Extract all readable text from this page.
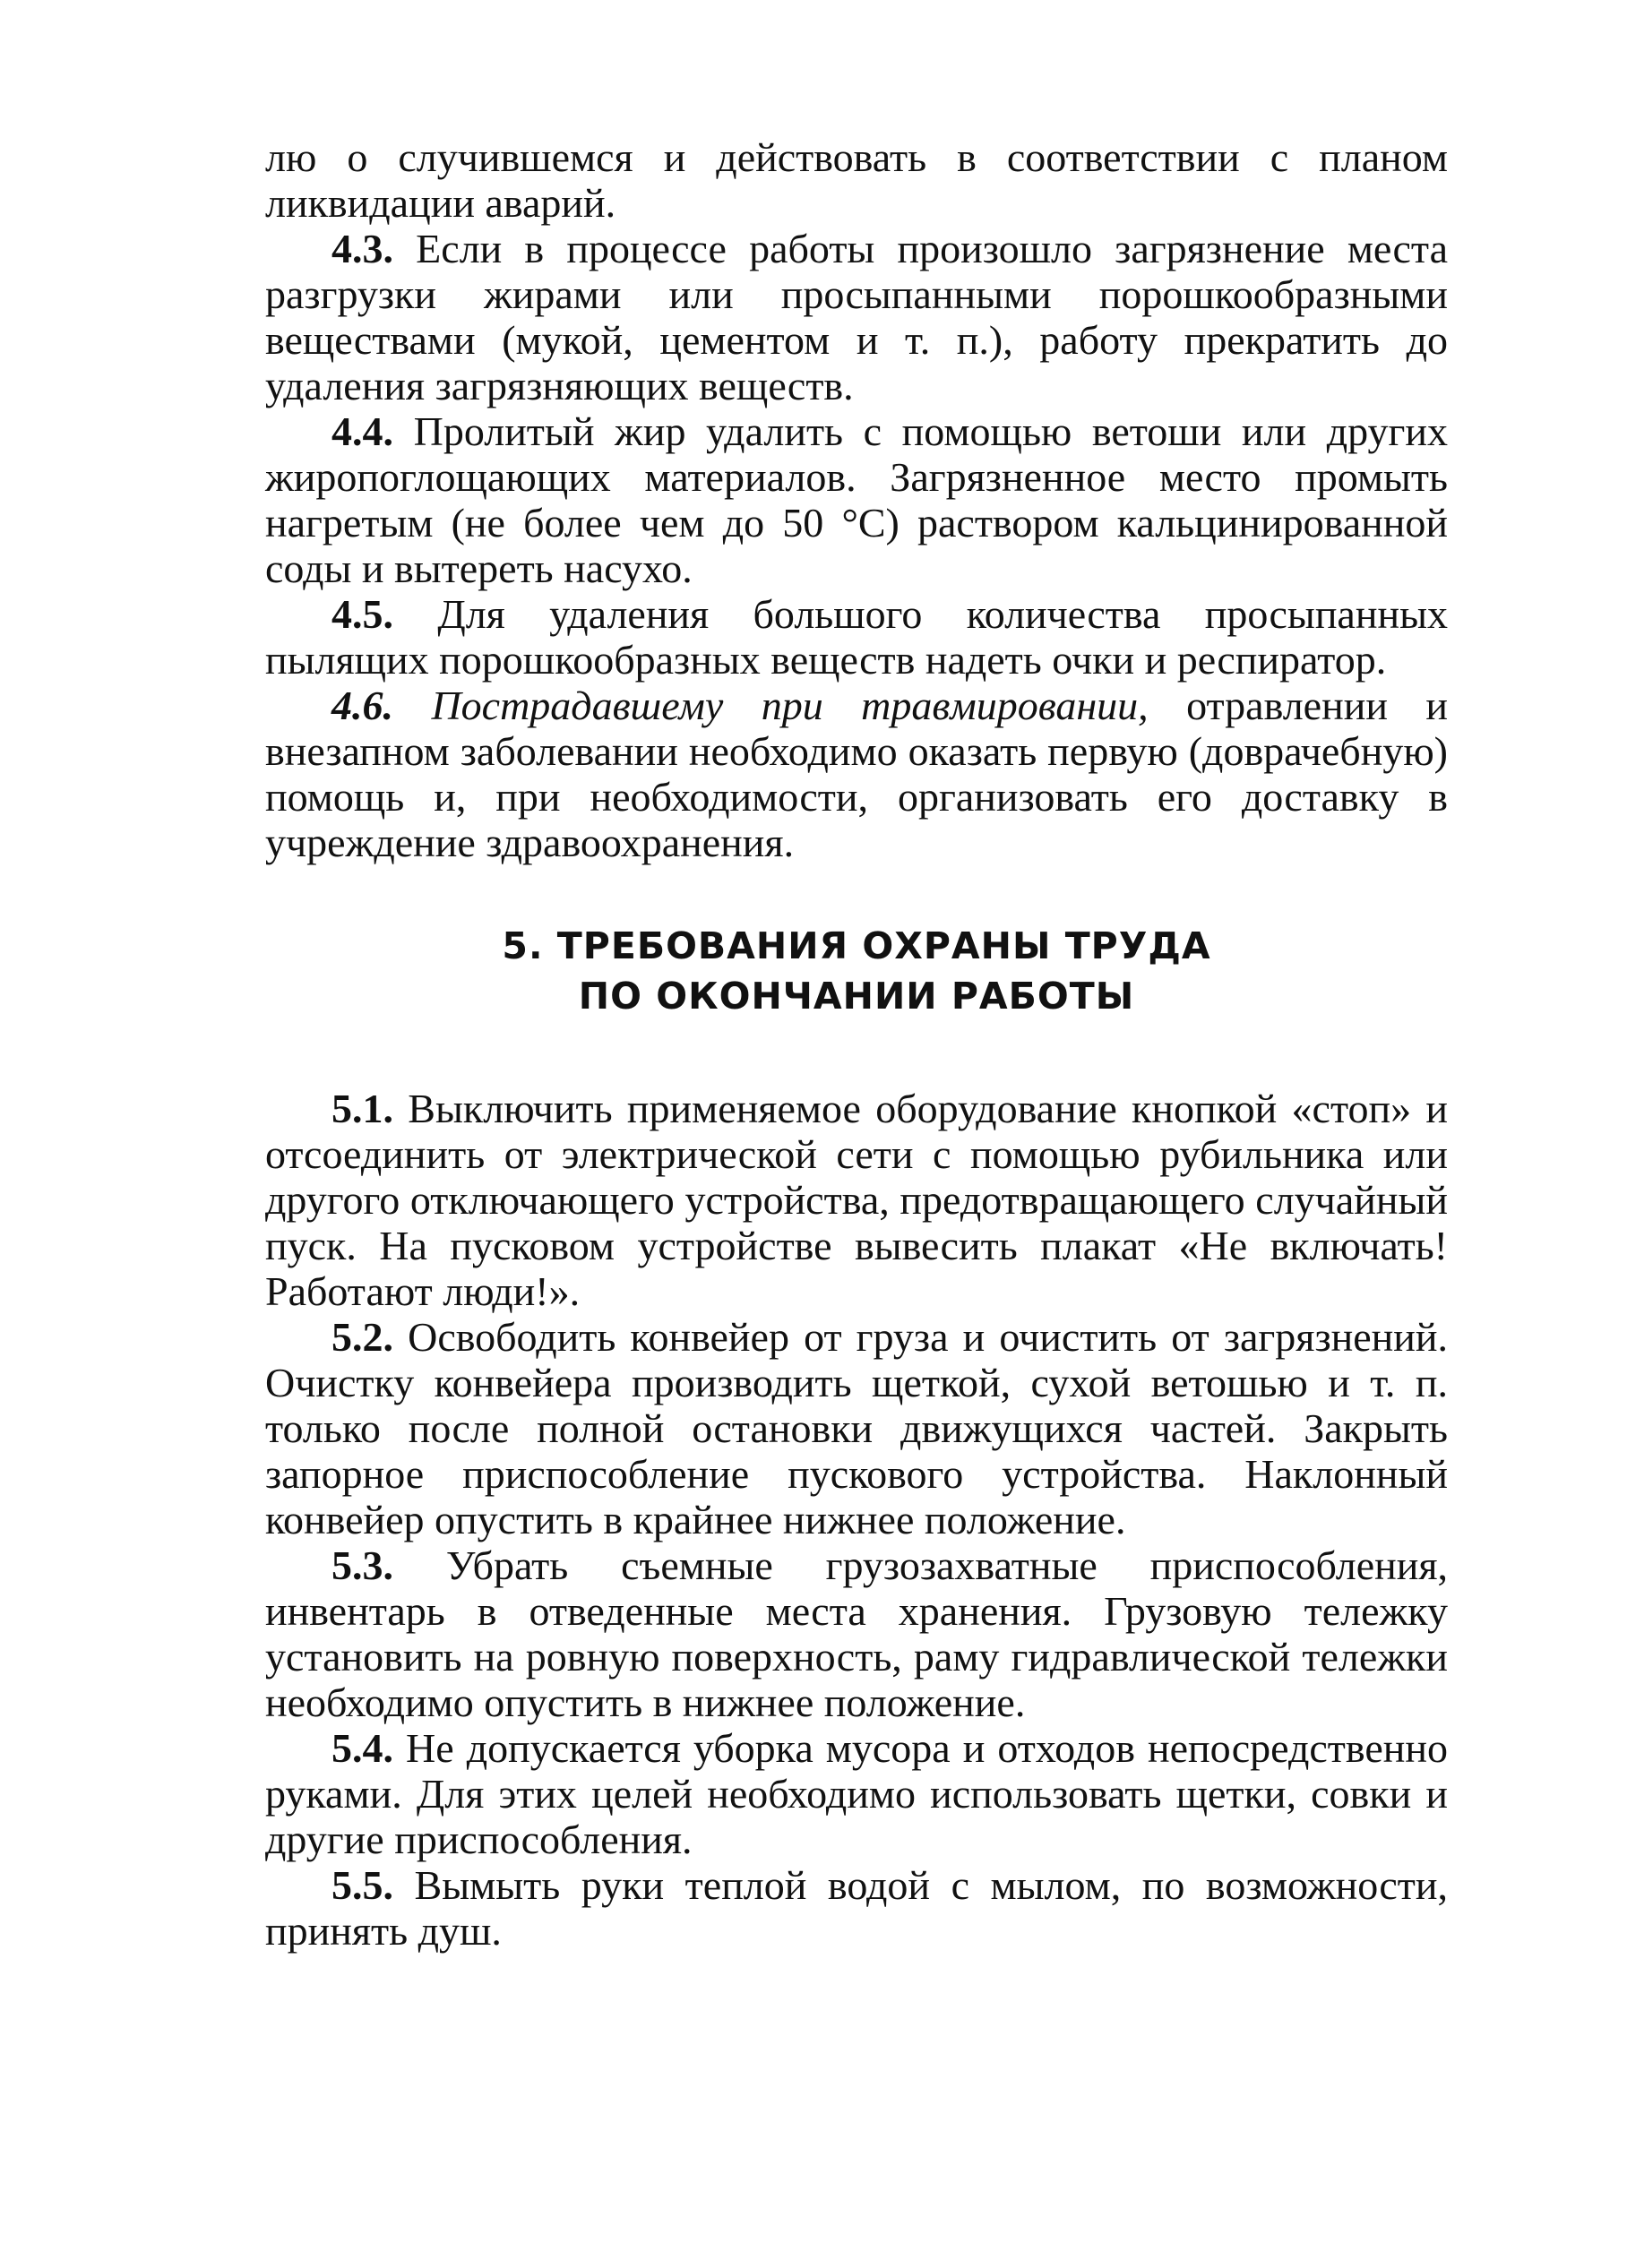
лю о случившемся и действовать в соответствии с планом ликвидации аварий.

4.3. Если в процессе работы произошло загрязнение места разгрузки жирами или просыпанными порошкообразными веществами (мукой, цементом и т. п.), работу прекратить до удаления загрязняющих веществ.

4.4. Пролитый жир удалить с помощью ветоши или других жиропоглощающих материалов. Загрязненное место промыть нагретым (не более чем до 50 °С) раствором кальцинированной соды и вытереть насухо.

4.5. Для удаления большого количества просыпанных пылящих порошкообразных веществ надеть очки и респиратор.

4.6. Пострадавшему при травмировании, отравлении и внезапном заболевании необходимо оказать первую (доврачебную) помощь и, при необходимости, организовать его доставку в учреждение здравоохранения.

5. ТРЕБОВАНИЯ ОХРАНЫ ТРУДА
ПО ОКОНЧАНИИ РАБОТЫ

5.1. Выключить применяемое оборудование кнопкой «стоп» и отсоединить от электрической сети с помощью рубильника или другого отключающего устройства, предотвращающего случайный пуск. На пусковом устройстве вывесить плакат «Не включать! Работают люди!».

5.2. Освободить конвейер от груза и очистить от загрязнений. Очистку конвейера производить щеткой, сухой ветошью и т. п. только после полной остановки движущихся частей. Закрыть запорное приспособление пускового устройства. Наклонный конвейер опустить в крайнее нижнее положение.

5.3. Убрать съемные грузозахватные приспособления, инвентарь в отведенные места хранения. Грузовую тележку установить на ровную поверхность, раму гидравлической тележки необходимо опустить в нижнее положение.

5.4. Не допускается уборка мусора и отходов непосредственно руками. Для этих целей необходимо использовать щетки, совки и другие приспособления.

5.5. Вымыть руки теплой водой с мылом, по возможности, принять душ.
